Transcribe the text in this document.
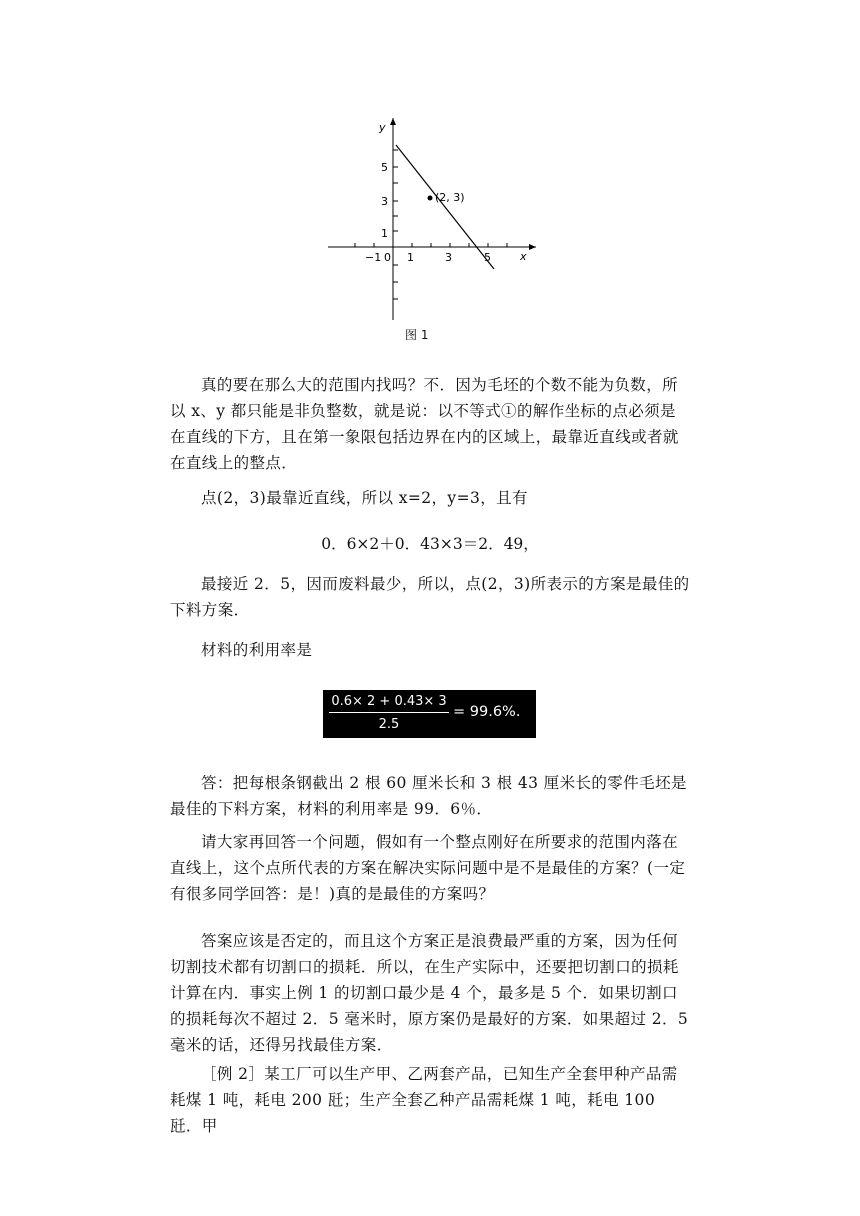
(2, 3)
y
x
−1 0 1	3	5
5
3
1
图 1

真的要在那么大的范围内找吗？不．因为毛坯的个数不能为负数，所以 x、y 都只能是非负整数，就是说：以不等式①的解作坐标的点必须是在直线的下方，且在第一象限包括边界在内的区域上，最靠近直线或者就在直线上的整点．

点(2，3)最靠近直线，所以 x=2，y=3，且有

0．6×2＋0．43×3＝2．49，

最接近 2．5，因而废料最少，所以，点(2，3)所表示的方案是最佳的下料方案．

材料的利用率是

$\frac{0.6\times 2 + 0.43\times 3}{2.5} = 99.6\%$.

答：把每根条钢截出 2 根 60 厘米长和 3 根 43 厘米长的零件毛坯是最佳的下料方案，材料的利用率是 99．6％．

请大家再回答一个问题，假如有一个整点刚好在所要求的范围内落在直线上，这个点所代表的方案在解决实际问题中是不是最佳的方案？(一定有很多同学回答：是！)真的是最佳的方案吗？

答案应该是否定的，而且这个方案正是浪费最严重的方案，因为任何切割技术都有切割口的损耗．所以，在生产实际中，还要把切割口的损耗计算在内．事实上例 1 的切割口最少是 4 个，最多是 5 个．如果切割口的损耗每次不超过 2．5 毫米时，原方案仍是最好的方案．如果超过 2．5 毫米的话，还得另找最佳方案．

［例 2］某工厂可以生产甲、乙两套产品，已知生产全套甲种产品需耗煤 1 吨，耗电 200 瓩；生产全套乙种产品需耗煤 1 吨，耗电 100 瓩．甲
